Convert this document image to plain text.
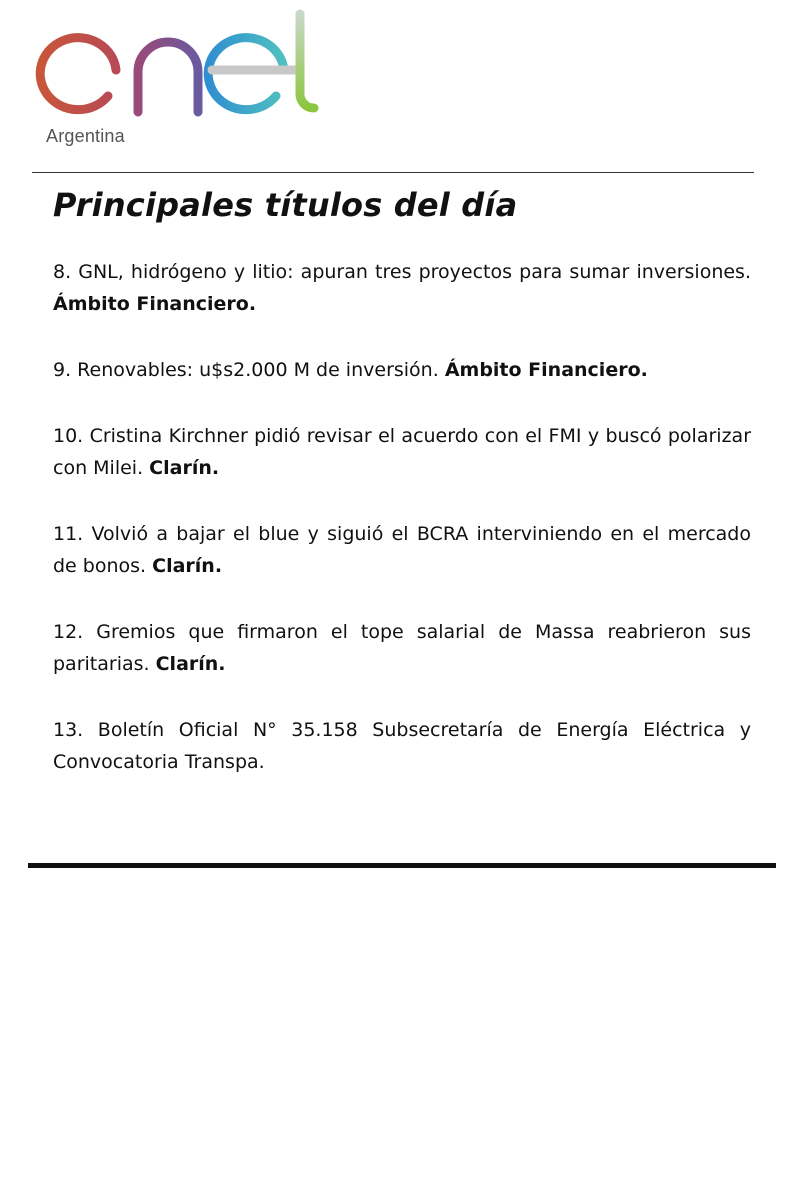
Argentina
Principales títulos del día

8. GNL, hidrógeno y litio: apuran tres proyectos para sumar inversiones. Ámbito Financiero.

9. Renovables: u$s2.000 M de inversión. Ámbito Financiero.

10. Cristina Kirchner pidió revisar el acuerdo con el FMI y buscó polarizar con Milei. Clarín.

11. Volvió a bajar el blue y siguió el BCRA interviniendo en el mercado de bonos. Clarín.

12. Gremios que firmaron el tope salarial de Massa reabrieron sus paritarias. Clarín.

13. Boletín Oficial N° 35.158 Subsecretaría de Energía Eléctrica y Convocatoria Transpa.
